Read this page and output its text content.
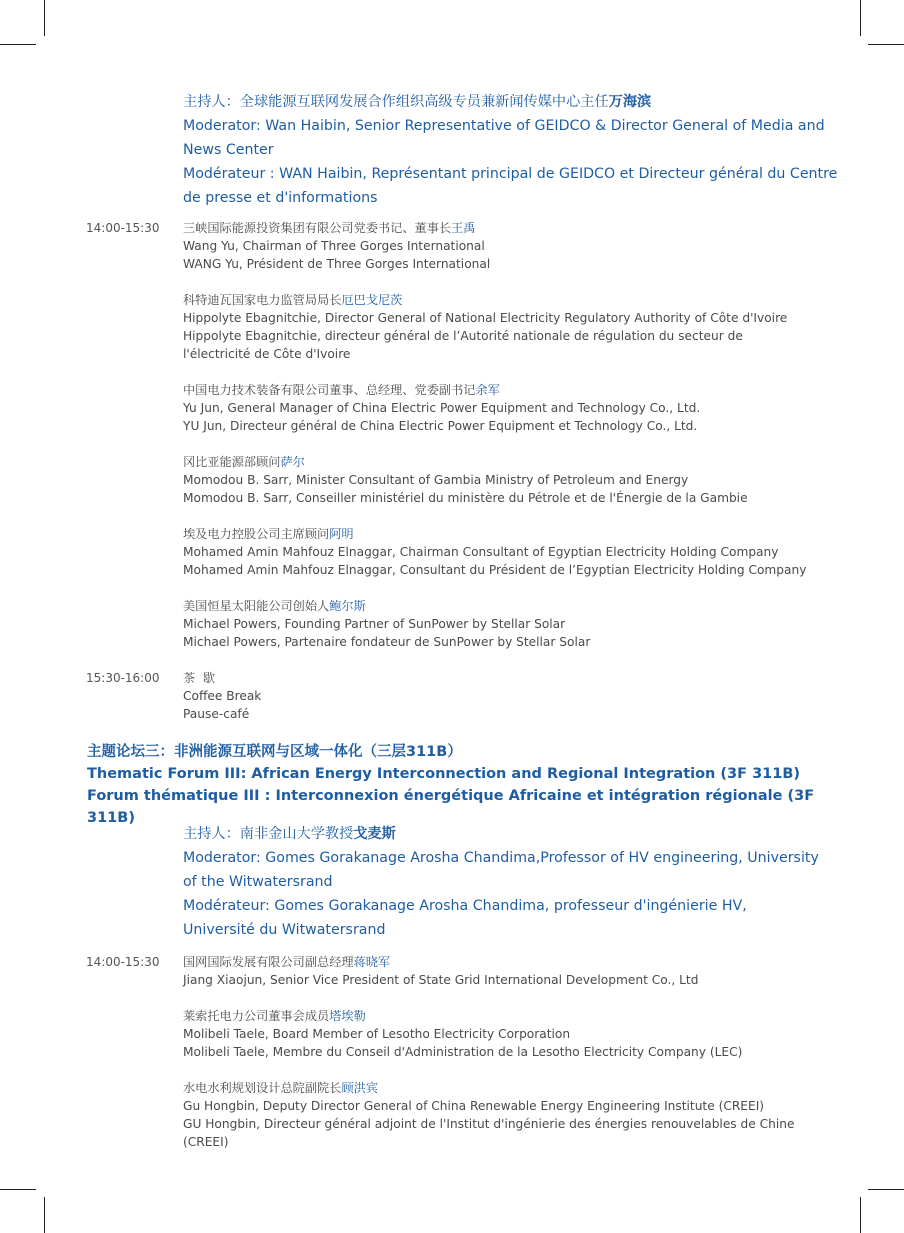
主持人：全球能源互联网发展合作组织高级专员兼新闻传媒中心主任万海滨
Moderator: Wan Haibin, Senior Representative of GEIDCO & Director General of Media and News Center
Modérateur : WAN Haibin, Représentant principal de GEIDCO et Directeur général du Centre de presse et d'informations
14:00-15:30 三峡国际能源投资集团有限公司党委书记、董事长王禹
Wang Yu, Chairman of Three Gorges International
WANG Yu, Président de Three Gorges International
科特迪瓦国家电力监管局局长厄巴戈尼茨
Hippolyte Ebagnitchie, Director General of National Electricity Regulatory Authority of Côte d'Ivoire
Hippolyte Ebagnitchie, directeur général de l’Autorité nationale de régulation du secteur de
l'électricité de Côte d'Ivoire
中国电力技术装备有限公司董事、总经理、党委副书记余军
Yu Jun, General Manager of China Electric Power Equipment and Technology Co., Ltd.
YU Jun, Directeur général de China Electric Power Equipment et Technology Co., Ltd.
冈比亚能源部顾问萨尔
Momodou B. Sarr, Minister Consultant of Gambia Ministry of Petroleum and Energy
Momodou B. Sarr, Conseiller ministériel du ministère du Pétrole et de l'Énergie de la Gambie
埃及电力控股公司主席顾问阿明
Mohamed Amin Mahfouz Elnaggar, Chairman Consultant of Egyptian Electricity Holding Company
Mohamed Amin Mahfouz Elnaggar, Consultant du Président de l’Egyptian Electricity Holding Company
美国恒星太阳能公司创始人鲍尔斯
Michael Powers, Founding Partner of SunPower by Stellar Solar
Michael Powers, Partenaire fondateur de SunPower by Stellar Solar
15:30-16:00 茶  歇
Coffee Break
Pause-café
主题论坛三：非洲能源互联网与区域一体化（三层311B）
Thematic Forum III: African Energy Interconnection and Regional Integration (3F 311B)
Forum thématique III : Interconnexion énergétique Africaine et intégration régionale (3F 311B)
主持人：南非金山大学教授戈麦斯
Moderator: Gomes Gorakanage Arosha Chandima,Professor of HV engineering, University of the Witwatersrand
Modérateur: Gomes Gorakanage Arosha Chandima, professeur d'ingénierie HV, Université du Witwatersrand
14:00-15:30 国网国际发展有限公司副总经理蒋晓军
Jiang Xiaojun, Senior Vice President of State Grid International Development Co., Ltd
莱索托电力公司董事会成员塔埃勒
Molibeli Taele, Board Member of Lesotho Electricity Corporation
Molibeli Taele, Membre du Conseil d'Administration de la Lesotho Electricity Company (LEC)
水电水利规划设计总院副院长顾洪宾
Gu Hongbin, Deputy Director General of China Renewable Energy Engineering Institute (CREEI)
GU Hongbin, Directeur général adjoint de l'Institut d'ingénierie des énergies renouvelables de Chine
(CREEI)
